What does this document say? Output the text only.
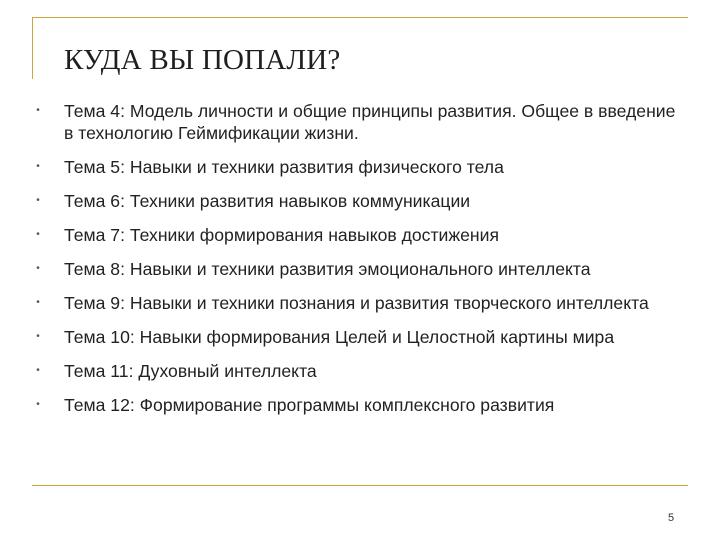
КУДА ВЫ ПОПАЛИ?
• Тема 4: Модель личности и общие принципы развития. Общее в введение в технологию Геймификации жизни.
• Тема 5: Навыки и техники развития физического тела
• Тема 6: Техники развития навыков коммуникации
• Тема 7: Техники формирования навыков достижения
• Тема 8: Навыки и техники развития эмоционального интеллекта
• Тема 9: Навыки и техники познания и развития творческого интеллекта
• Тема 10: Навыки формирования Целей и Целостной картины мира
• Тема 11: Духовный интеллекта
• Тема 12: Формирование программы комплексного развития
5
